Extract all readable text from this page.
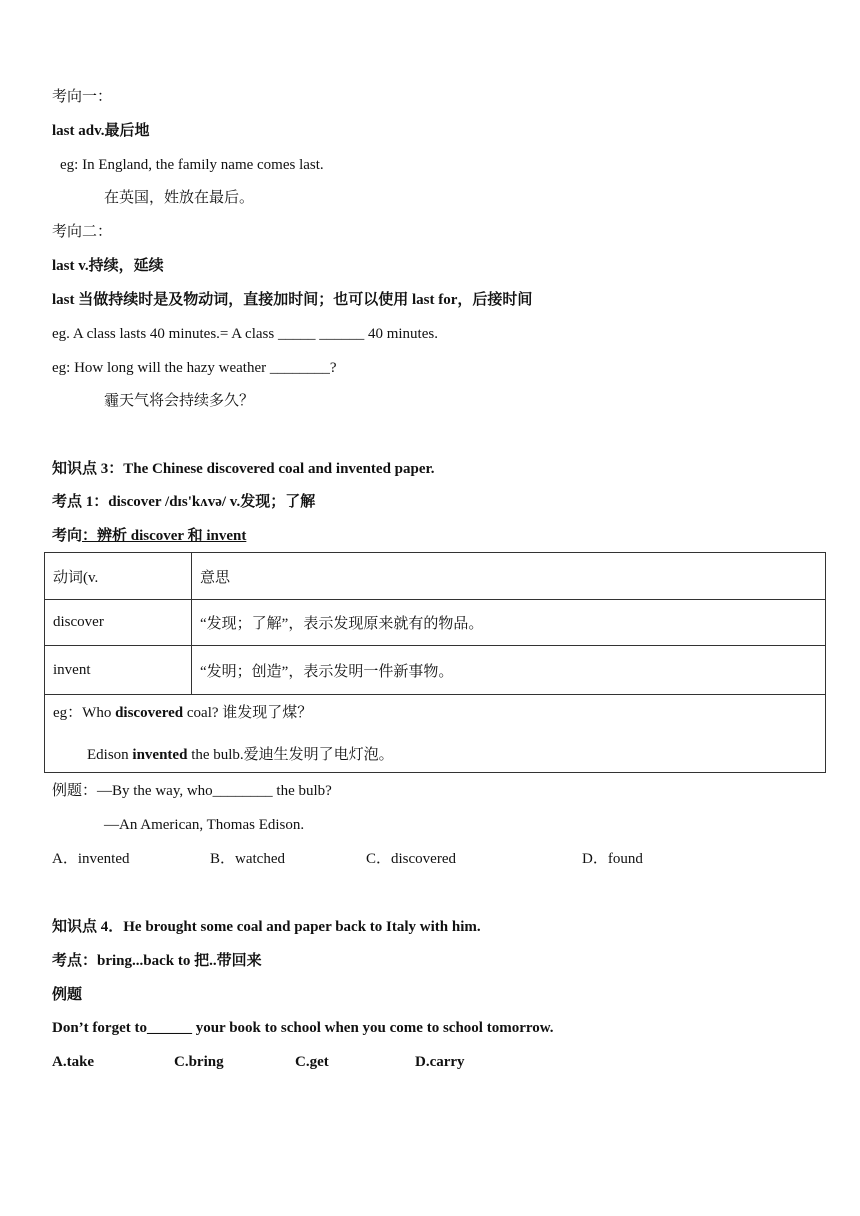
考向一：
last adv.最后地
eg: In England, the family name comes last.
在英国，姓放在最后。
考向二：
last v.持续，延续
last 当做持续时是及物动词，直接加时间；也可以使用 last for，后接时间
eg. A class lasts 40 minutes.= A class _____ ______ 40 minutes.
eg: How long will the hazy weather ________?
霾天气将会持续多久？
知识点 3：The Chinese discovered coal and invented paper.
考点 1：discover /dɪs'kʌvə/ v.发现；了解
考向：辨析 discover 和 invent
动词(v.	意思
discover	“发现；了解”，表示发现原来就有的物品。
invent	“发明；创造”，表示发明一件新事物。

eg：Who discovered coal? 谁发现了煤？
Edison invented the bulb.爱迪生发明了电灯泡。	
例题：—By the way, who________ the bulb?
—An American, Thomas Edison.
A．invented	B．watched	C．discovered	D．found
知识点 4．He brought some coal and paper back to Italy with him.
考点：bring...back to 把..带回来
例题
Don’t forget to______ your book to school when you come to school tomorrow.
A.take	C.bring	C.get	D.carry
